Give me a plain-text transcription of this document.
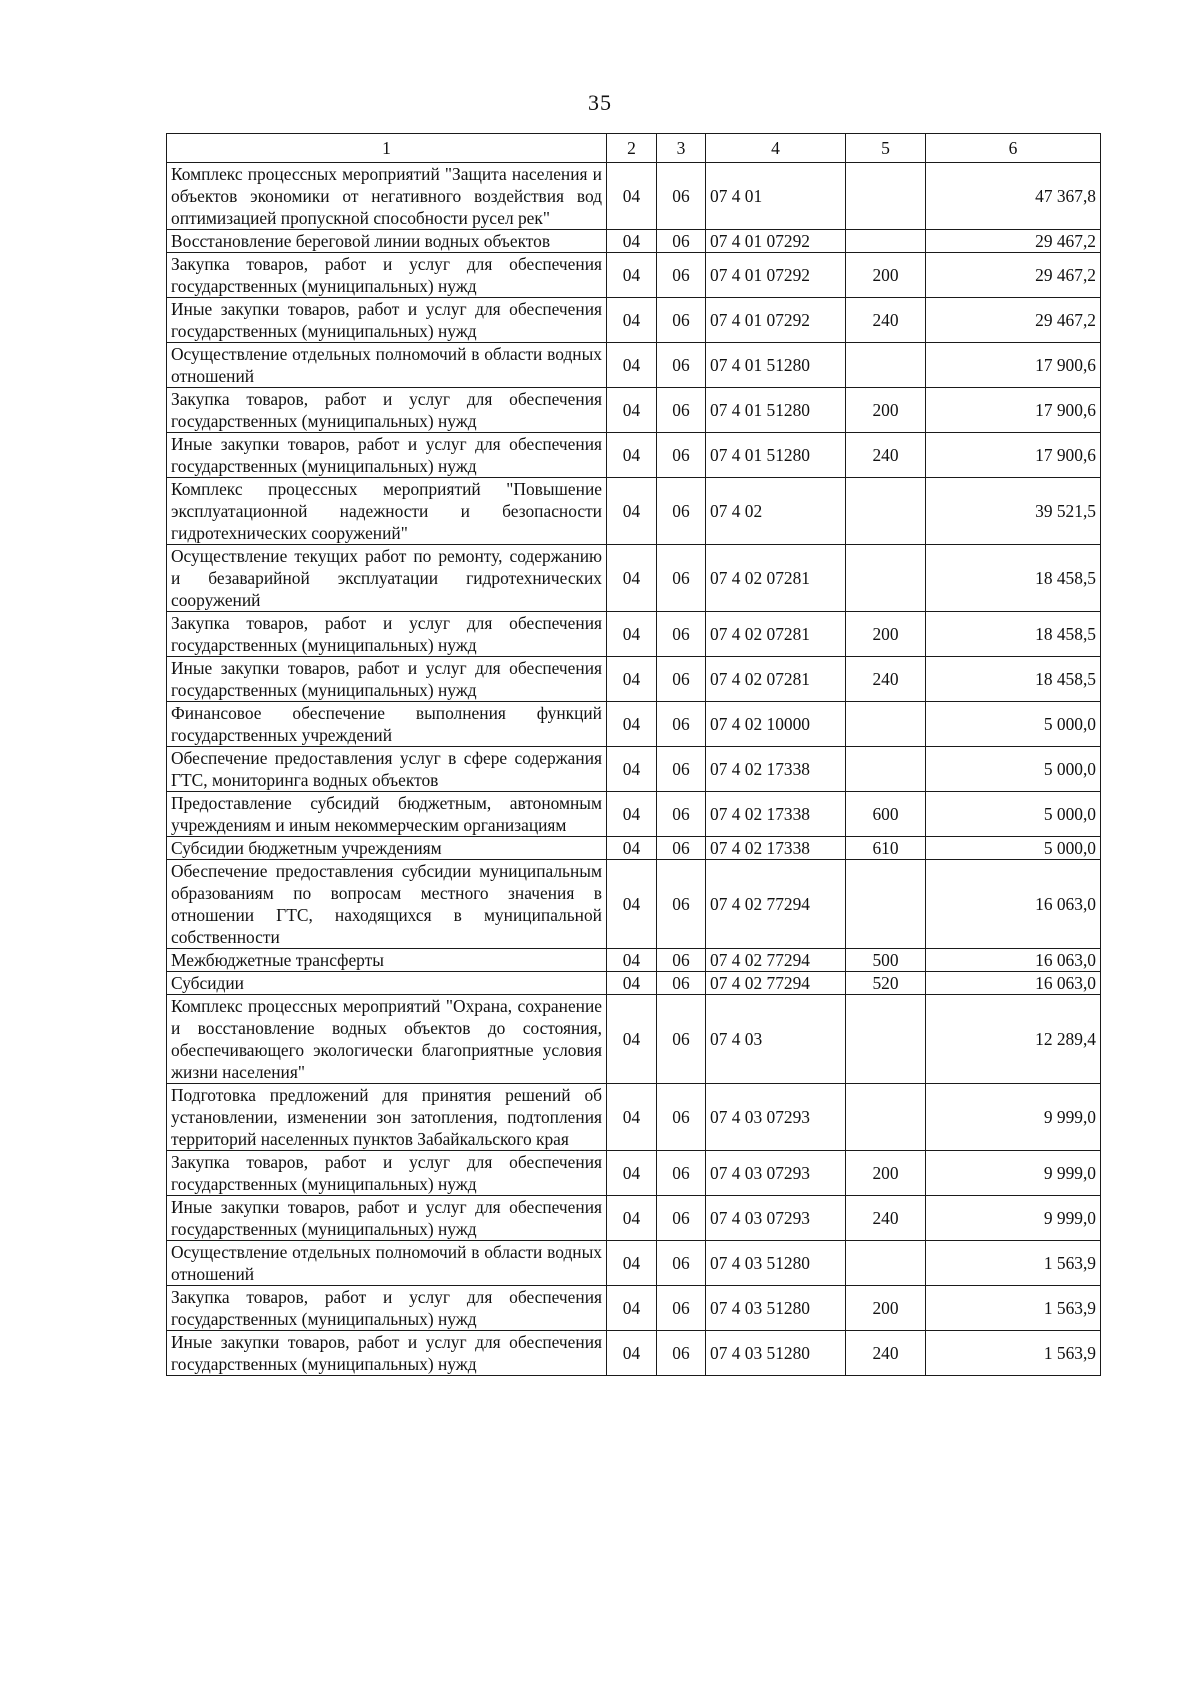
35
1	2	3	4	5	6
Комплекс процессных мероприятий "Защита населения и объектов экономики от негативного воздействия вод оптимизацией пропускной способности русел рек"	04	06	07 4 01		47 367,8
Восстановление береговой линии водных объектов	04	06	07 4 01 07292		29 467,2
Закупка товаров, работ и услуг для обеспечения государственных (муниципальных) нужд	04	06	07 4 01 07292	200	29 467,2
Иные закупки товаров, работ и услуг для обеспечения государственных (муниципальных) нужд	04	06	07 4 01 07292	240	29 467,2
Осуществление отдельных полномочий в области водных отношений	04	06	07 4 01 51280		17 900,6
Закупка товаров, работ и услуг для обеспечения государственных (муниципальных) нужд	04	06	07 4 01 51280	200	17 900,6
Иные закупки товаров, работ и услуг для обеспечения государственных (муниципальных) нужд	04	06	07 4 01 51280	240	17 900,6
Комплекс процессных мероприятий "Повышение эксплуатационной надежности и безопасности гидротехнических сооружений"	04	06	07 4 02		39 521,5
Осуществление текущих работ по ремонту, содержанию и безаварийной эксплуатации гидротехнических сооружений	04	06	07 4 02 07281		18 458,5
Закупка товаров, работ и услуг для обеспечения государственных (муниципальных) нужд	04	06	07 4 02 07281	200	18 458,5
Иные закупки товаров, работ и услуг для обеспечения государственных (муниципальных) нужд	04	06	07 4 02 07281	240	18 458,5
Финансовое обеспечение выполнения функций государственных учреждений	04	06	07 4 02 10000		5 000,0
Обеспечение предоставления услуг в сфере содержания ГТС, мониторинга водных объектов	04	06	07 4 02 17338		5 000,0
Предоставление субсидий бюджетным, автономным учреждениям и иным некоммерческим организациям	04	06	07 4 02 17338	600	5 000,0
Субсидии бюджетным учреждениям	04	06	07 4 02 17338	610	5 000,0
Обеспечение предоставления субсидии муниципальным образованиям по вопросам местного значения в отношении ГТС, находящихся в муниципальной собственности	04	06	07 4 02 77294		16 063,0
Межбюджетные трансферты	04	06	07 4 02 77294	500	16 063,0
Субсидии	04	06	07 4 02 77294	520	16 063,0
Комплекс процессных мероприятий "Охрана, сохранение и восстановление водных объектов до состояния, обеспечивающего экологически благоприятные условия жизни населения"	04	06	07 4 03		12 289,4
Подготовка предложений для принятия решений об установлении, изменении зон затопления, подтопления территорий населенных пунктов Забайкальского края	04	06	07 4 03 07293		9 999,0
Закупка товаров, работ и услуг для обеспечения государственных (муниципальных) нужд	04	06	07 4 03 07293	200	9 999,0
Иные закупки товаров, работ и услуг для обеспечения государственных (муниципальных) нужд	04	06	07 4 03 07293	240	9 999,0
Осуществление отдельных полномочий в области водных отношений	04	06	07 4 03 51280		1 563,9
Закупка товаров, работ и услуг для обеспечения государственных (муниципальных) нужд	04	06	07 4 03 51280	200	1 563,9
Иные закупки товаров, работ и услуг для обеспечения государственных (муниципальных) нужд	04	06	07 4 03 51280	240	1 563,9
